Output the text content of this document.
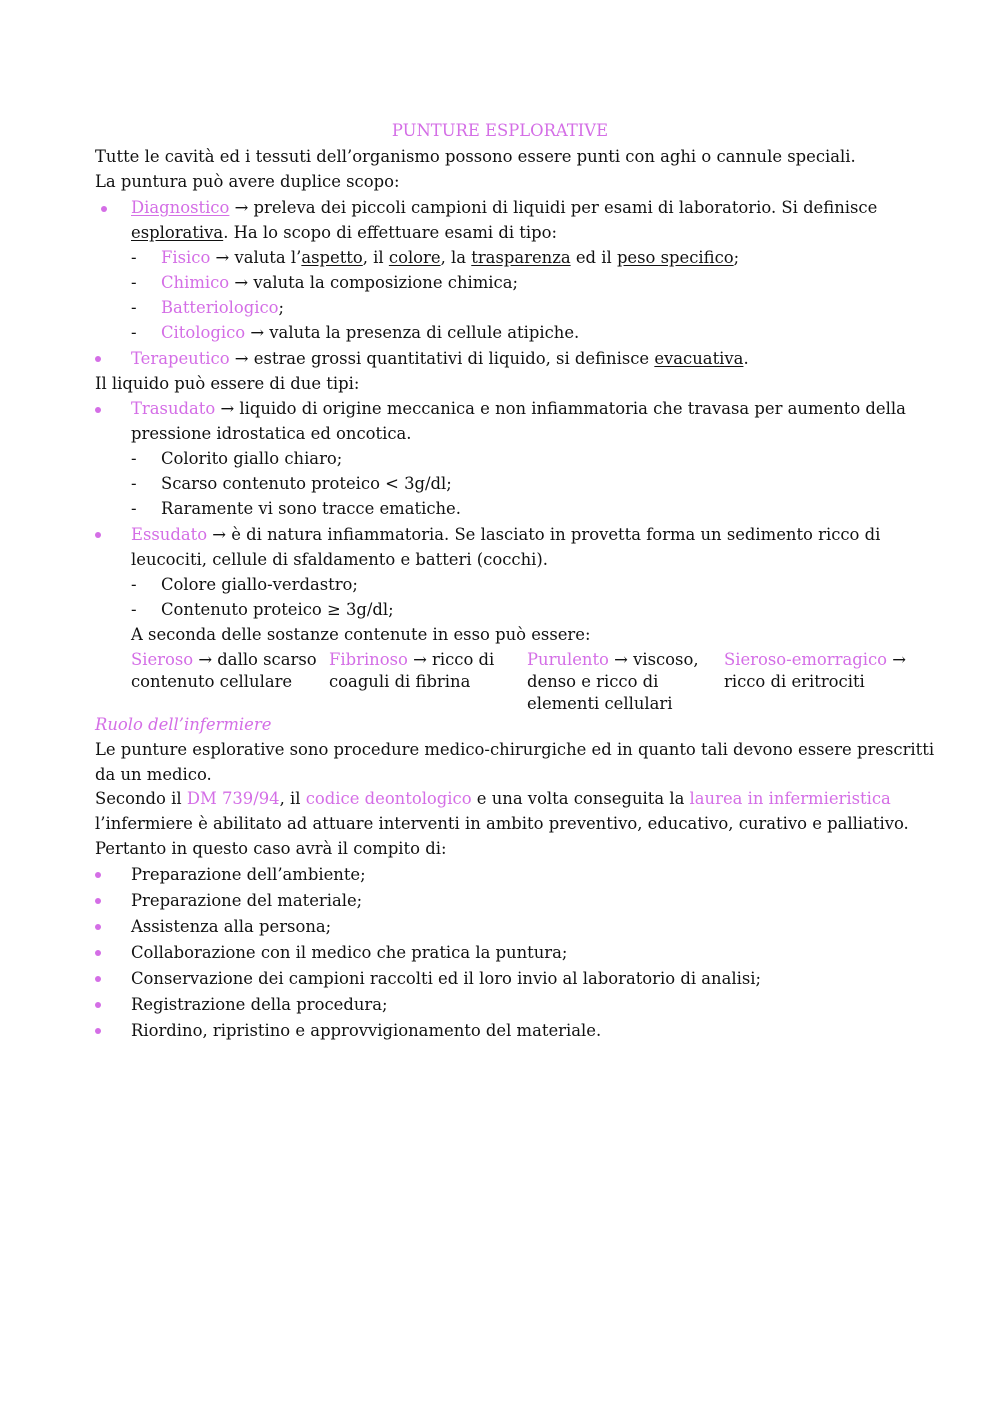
PUNTURE ESPLORATIVE
Tutte le cavità ed i tessuti dell’organismo possono essere punti con aghi o cannule speciali.
La puntura può avere duplice scopo:
Diagnostico → preleva dei piccoli campioni di liquidi per esami di laboratorio. Si definisce
esplorativa. Ha lo scopo di effettuare esami di tipo:
- Fisico → valuta l’aspetto, il colore, la trasparenza ed il peso specifico;
- Chimico → valuta la composizione chimica;
- Batteriologico;
- Citologico → valuta la presenza di cellule atipiche.
Terapeutico → estrae grossi quantitativi di liquido, si definisce evacuativa.
Il liquido può essere di due tipi:
Trasudato → liquido di origine meccanica e non infiammatoria che travasa per aumento della
pressione idrostatica ed oncotica.
- Colorito giallo chiaro;
- Scarso contenuto proteico < 3g/dl;
- Raramente vi sono tracce ematiche.
Essudato → è di natura infiammatoria. Se lasciato in provetta forma un sedimento ricco di
leucociti, cellule di sfaldamento e batteri (cocchi).
- Colore giallo-verdastro;
- Contenuto proteico ≥ 3g/dl;
A seconda delle sostanze contenute in esso può essere:
Sieroso → dallo scarso
contenuto cellulare
Fibrinoso → ricco di
coaguli di fibrina
Purulento → viscoso,
denso e ricco di
elementi cellulari
Sieroso-emorragico →
ricco di eritrociti
Ruolo dell’infermiere
Le punture esplorative sono procedure medico-chirurgiche ed in quanto tali devono essere prescritti
da un medico.
Secondo il DM 739/94, il codice deontologico e una volta conseguita la laurea in infermieristica
l’infermiere è abilitato ad attuare interventi in ambito preventivo, educativo, curativo e palliativo.
Pertanto in questo caso avrà il compito di:
Preparazione dell’ambiente;
Preparazione del materiale;
Assistenza alla persona;
Collaborazione con il medico che pratica la puntura;
Conservazione dei campioni raccolti ed il loro invio al laboratorio di analisi;
Registrazione della procedura;
Riordino, ripristino e approvvigionamento del materiale.
